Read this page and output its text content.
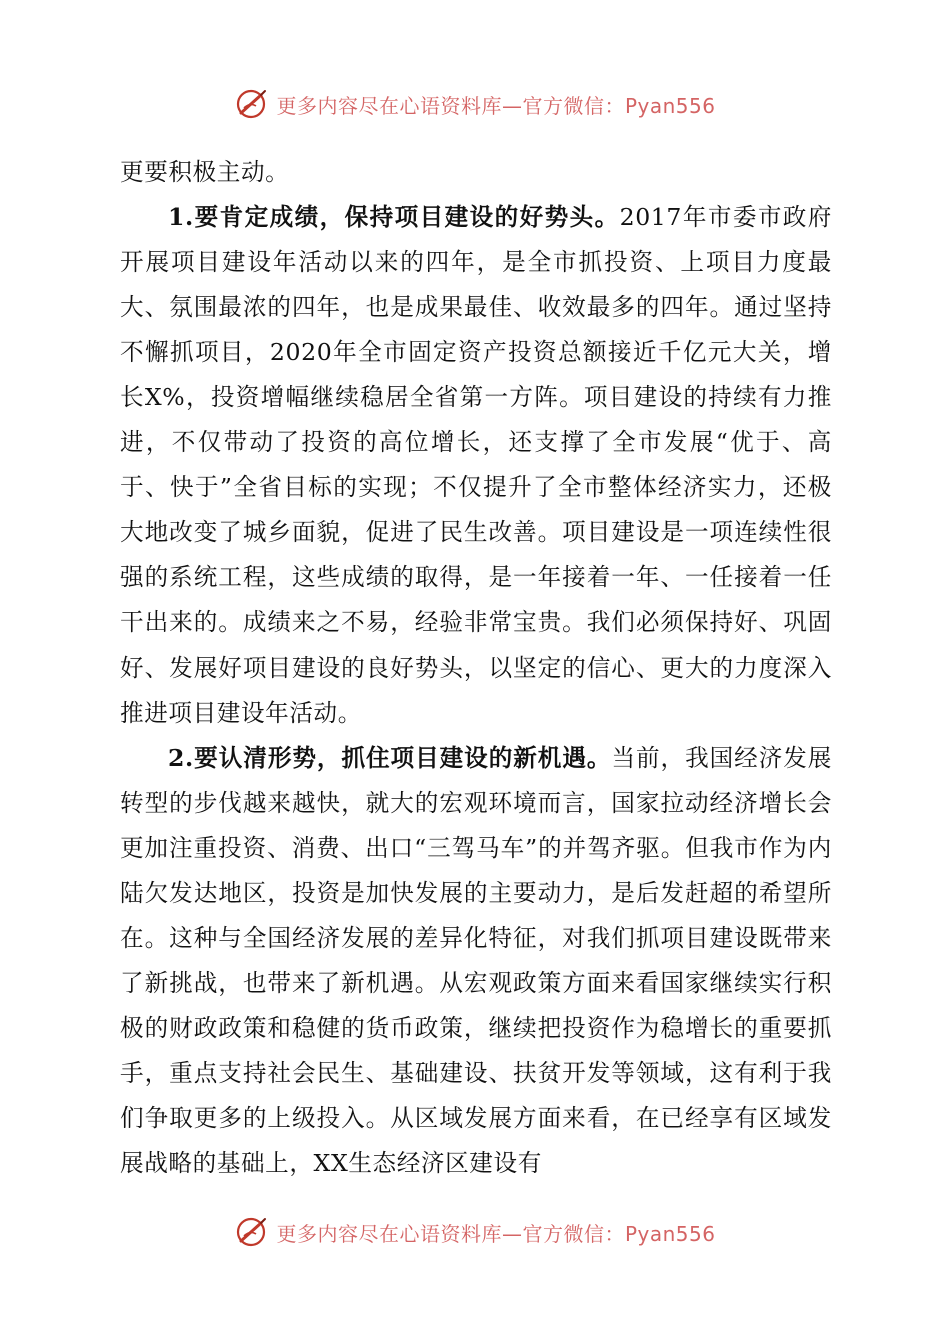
更多内容尽在心语资料库—官方微信：Pyan556

更要积极主动。

1.要肯定成绩，保持项目建设的好势头。2017年市委市政府开展项目建设年活动以来的四年，是全市抓投资、上项目力度最大、氛围最浓的四年，也是成果最佳、收效最多的四年。通过坚持不懈抓项目，2020年全市固定资产投资总额接近千亿元大关，增长X%，投资增幅继续稳居全省第一方阵。项目建设的持续有力推进，不仅带动了投资的高位增长，还支撑了全市发展“优于、高于、快于”全省目标的实现；不仅提升了全市整体经济实力，还极大地改变了城乡面貌，促进了民生改善。项目建设是一项连续性很强的系统工程，这些成绩的取得，是一年接着一年、一任接着一任干出来的。成绩来之不易，经验非常宝贵。我们必须保持好、巩固好、发展好项目建设的良好势头，以坚定的信心、更大的力度深入推进项目建设年活动。

2.要认清形势，抓住项目建设的新机遇。当前，我国经济发展转型的步伐越来越快，就大的宏观环境而言，国家拉动经济增长会更加注重投资、消费、出口“三驾马车”的并驾齐驱。但我市作为内陆欠发达地区，投资是加快发展的主要动力，是后发赶超的希望所在。这种与全国经济发展的差异化特征，对我们抓项目建设既带来了新挑战，也带来了新机遇。从宏观政策方面来看国家继续实行积极的财政政策和稳健的货币政策，继续把投资作为稳增长的重要抓手，重点支持社会民生、基础建设、扶贫开发等领域，这有利于我们争取更多的上级投入。从区域发展方面来看，在已经享有区域发展战略的基础上，XX生态经济区建设有

更多内容尽在心语资料库—官方微信：Pyan556
